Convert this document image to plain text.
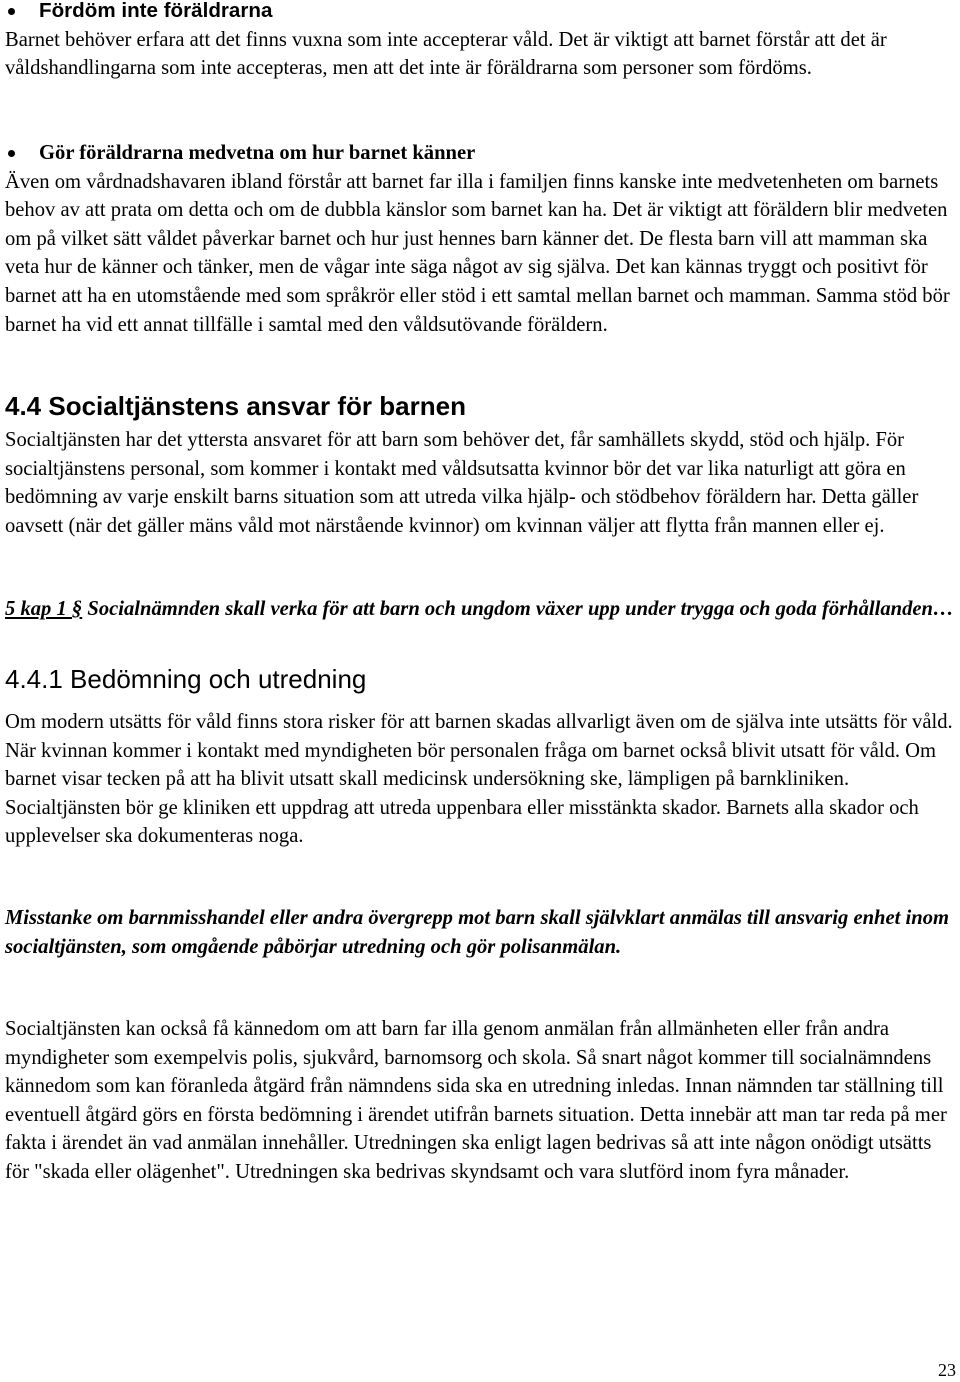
Fördöm inte föräldrarna

Barnet behöver erfara att det finns vuxna som inte accepterar våld. Det är viktigt att barnet förstår att det är våldshandlingarna som inte accepteras, men att det inte är föräldrarna som personer som fördöms.

Gör föräldrarna medvetna om hur barnet känner

Även om vårdnadshavaren ibland förstår att barnet far illa i familjen finns kanske inte medvetenheten om barnets behov av att prata om detta och om de dubbla känslor som barnet kan ha. Det är viktigt att föräldern blir medveten om på vilket sätt våldet påverkar barnet och hur just hennes barn känner det. De flesta barn vill att mamman ska veta hur de känner och tänker, men de vågar inte säga något av sig själva. Det kan kännas tryggt och positivt för barnet att ha en utomstående med som språkrör eller stöd i ett samtal mellan barnet och mamman. Samma stöd bör barnet ha vid ett annat tillfälle i samtal med den våldsutövande föräldern.

4.4 Socialtjänstens ansvar för barnen

Socialtjänsten har det yttersta ansvaret för att barn som behöver det, får samhällets skydd, stöd och hjälp. För socialtjänstens personal, som kommer i kontakt med våldsutsatta kvinnor bör det var lika naturligt att göra en bedömning av varje enskilt barns situation som att utreda vilka hjälp- och stödbehov föräldern har. Detta gäller oavsett (när det gäller mäns våld mot närstående kvinnor) om kvinnan väljer att flytta från mannen eller ej.

5 kap 1 § Socialnämnden skall verka för att barn och ungdom växer upp under trygga och goda förhållanden…

4.4.1 Bedömning och utredning

Om modern utsätts för våld finns stora risker för att barnen skadas allvarligt även om de själva inte utsätts för våld. När kvinnan kommer i kontakt med myndigheten bör personalen fråga om barnet också blivit utsatt för våld. Om barnet visar tecken på att ha blivit utsatt skall medicinsk undersökning ske, lämpligen på barnkliniken. Socialtjänsten bör ge kliniken ett uppdrag att utreda uppenbara eller misstänkta skador. Barnets alla skador och upplevelser ska dokumenteras noga.

Misstanke om barnmisshandel eller andra övergrepp mot barn skall självklart anmälas till ansvarig enhet inom socialtjänsten, som omgående påbörjar utredning och gör polisanmälan.

Socialtjänsten kan också få kännedom om att barn far illa genom anmälan från allmänheten eller från andra myndigheter som exempelvis polis, sjukvård, barnomsorg och skola. Så snart något kommer till socialnämndens kännedom som kan föranleda åtgärd från nämndens sida ska en utredning inledas. Innan nämnden tar ställning till eventuell åtgärd görs en första bedömning i ärendet utifrån barnets situation. Detta innebär att man tar reda på mer fakta i ärendet än vad anmälan innehåller. Utredningen ska enligt lagen bedrivas så att inte någon onödigt utsätts för "skada eller olägenhet". Utredningen ska bedrivas skyndsamt och vara slutförd inom fyra månader.

23
